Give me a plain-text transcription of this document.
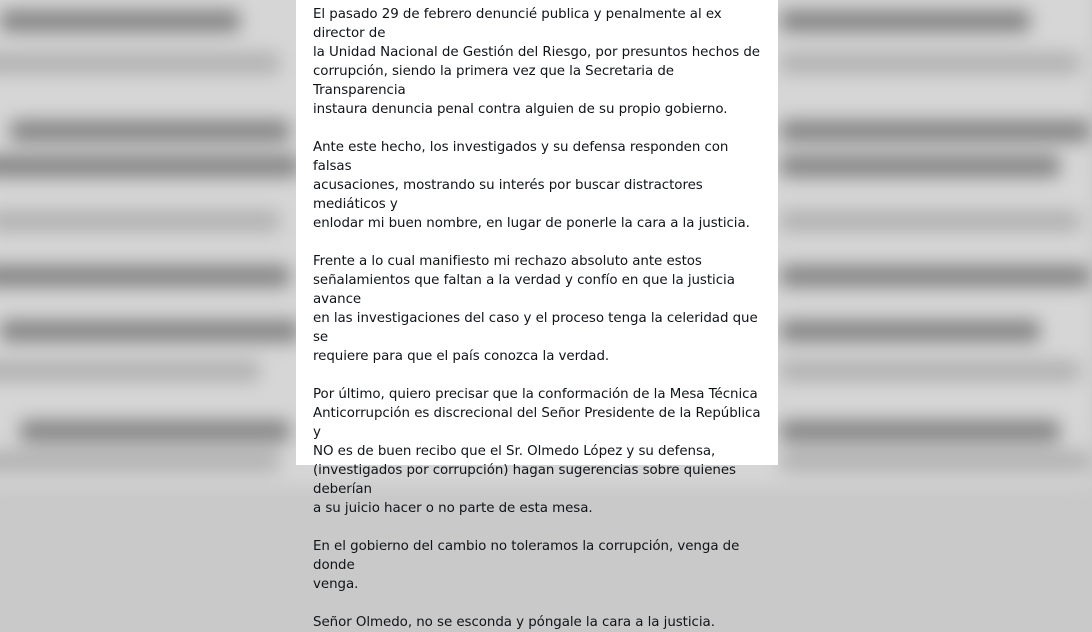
El pasado 29 de febrero denuncié publica y penalmente al ex director de
la Unidad Nacional de Gestión del Riesgo, por presuntos hechos de
corrupción, siendo la primera vez que la Secretaria de Transparencia
instaura denuncia penal contra alguien de su propio gobierno.

Ante este hecho, los investigados y su defensa responden con falsas
acusaciones, mostrando su interés por buscar distractores mediáticos y
enlodar mi buen nombre, en lugar de ponerle la cara a la justicia.

Frente a lo cual manifiesto mi rechazo absoluto ante estos
señalamientos que faltan a la verdad y confío en que la justicia avance
en las investigaciones del caso y el proceso tenga la celeridad que se
requiere para que el país conozca la verdad.

Por último, quiero precisar que la conformación de la Mesa Técnica
Anticorrupción es discrecional del Señor Presidente de la República y
NO es de buen recibo que el Sr. Olmedo López y su defensa,
(investigados por corrupción) hagan sugerencias sobre quienes deberían
a su juicio hacer o no parte de esta mesa.

En el gobierno del cambio no toleramos la corrupción, venga de donde
venga.

Señor Olmedo, no se esconda y póngale la cara a la justicia.
